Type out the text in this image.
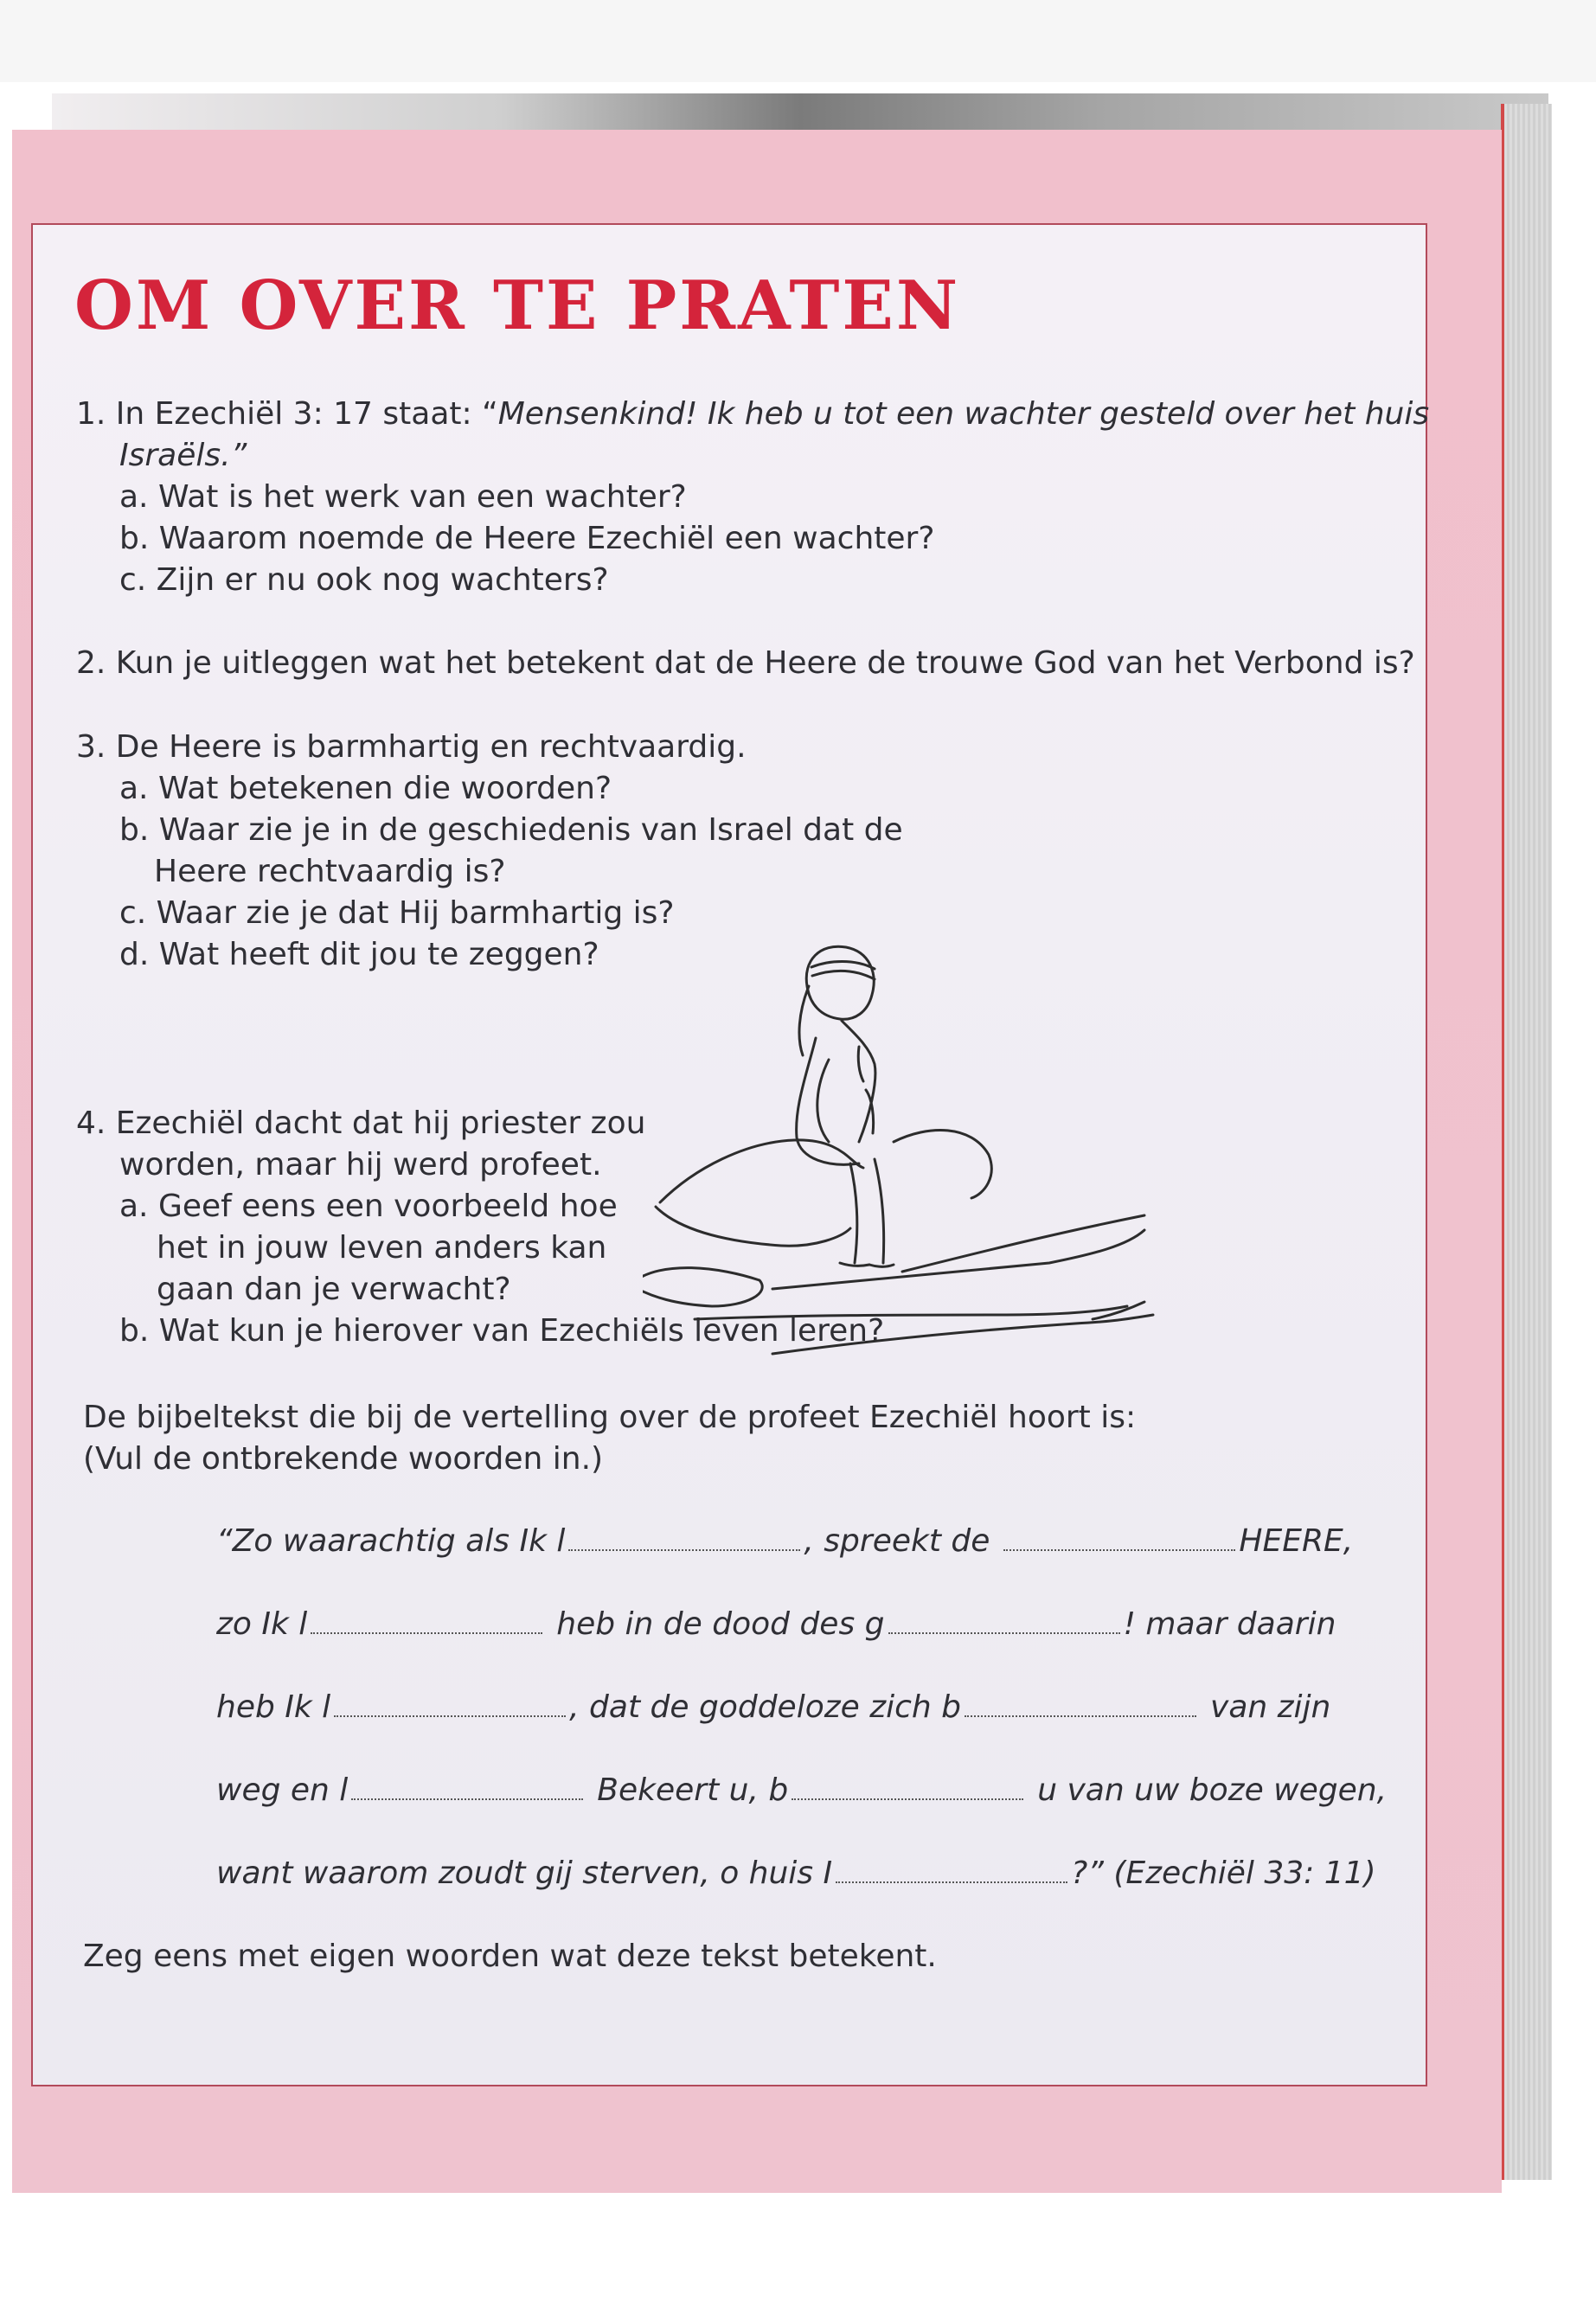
OM OVER TE PRATEN

1. In Ezechiël 3: 17 staat: “Mensenkind! Ik heb u tot een wachter gesteld over het huis

Israëls.”

a. Wat is het werk van een wachter?

b. Waarom noemde de Heere Ezechiël een wachter?

c. Zijn er nu ook nog wachters?

2. Kun je uitleggen wat het betekent dat de Heere de trouwe God van het Verbond is?

3. De Heere is barmhartig en rechtvaardig.

a. Wat betekenen die woorden?

b. Waar zie je in de geschiedenis van Israel dat de

Heere rechtvaardig is?

c. Waar zie je dat Hij barmhartig is?

d. Wat heeft dit jou te zeggen?

4. Ezechiël dacht dat hij priester zou

worden, maar hij werd profeet.

a. Geef eens een voorbeeld hoe

het in jouw leven anders kan

gaan dan je verwacht?

b. Wat kun je hierover van Ezechiëls leven leren?

De bijbeltekst die bij de vertelling over de profeet Ezechiël hoort is:

(Vul de ontbrekende woorden in.)

“Zo waarachtig als Ik l	, spreekt de	HEERE,

zo Ik l	heb in de dood des g	! maar daarin

heb Ik l	, dat de goddeloze zich b	van zijn

weg en l	Bekeert u, b	u van uw boze wegen,

want waarom zoudt gij sterven, o huis I	?” (Ezechiël 33: 11)

Zeg eens met eigen woorden wat deze tekst betekent.
